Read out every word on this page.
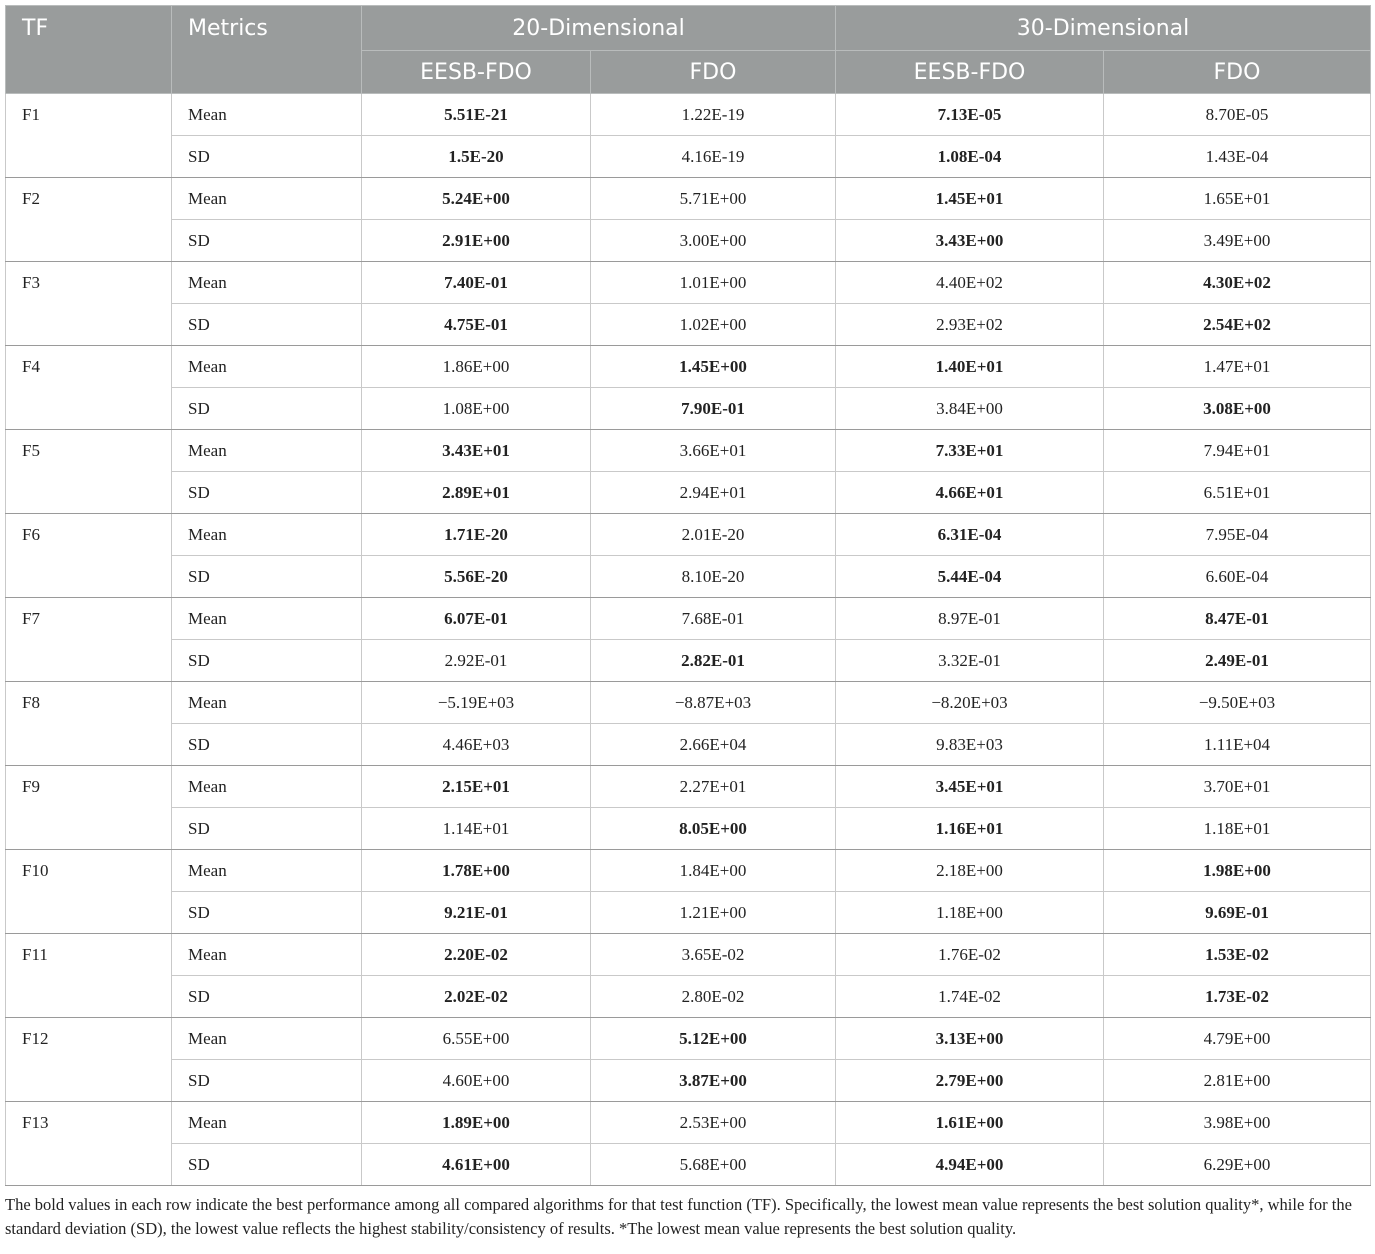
TF	Metrics	20-Dimensional		30-Dimensional	
		EESB-FDO	FDO	EESB-FDO	FDO
F1	Mean	5.51E-21	1.22E-19	7.13E-05	8.70E-05
	SD	1.5E-20	4.16E-19	1.08E-04	1.43E-04
F2	Mean	5.24E+00	5.71E+00	1.45E+01	1.65E+01
	SD	2.91E+00	3.00E+00	3.43E+00	3.49E+00
F3	Mean	7.40E-01	1.01E+00	4.40E+02	4.30E+02
	SD	4.75E-01	1.02E+00	2.93E+02	2.54E+02
F4	Mean	1.86E+00	1.45E+00	1.40E+01	1.47E+01
	SD	1.08E+00	7.90E-01	3.84E+00	3.08E+00
F5	Mean	3.43E+01	3.66E+01	7.33E+01	7.94E+01
	SD	2.89E+01	2.94E+01	4.66E+01	6.51E+01
F6	Mean	1.71E-20	2.01E-20	6.31E-04	7.95E-04
	SD	5.56E-20	8.10E-20	5.44E-04	6.60E-04
F7	Mean	6.07E-01	7.68E-01	8.97E-01	8.47E-01
	SD	2.92E-01	2.82E-01	3.32E-01	2.49E-01
F8	Mean	−5.19E+03	−8.87E+03	−8.20E+03	−9.50E+03
	SD	4.46E+03	2.66E+04	9.83E+03	1.11E+04
F9	Mean	2.15E+01	2.27E+01	3.45E+01	3.70E+01
	SD	1.14E+01	8.05E+00	1.16E+01	1.18E+01
F10	Mean	1.78E+00	1.84E+00	2.18E+00	1.98E+00
	SD	9.21E-01	1.21E+00	1.18E+00	9.69E-01
F11	Mean	2.20E-02	3.65E-02	1.76E-02	1.53E-02
	SD	2.02E-02	2.80E-02	1.74E-02	1.73E-02
F12	Mean	6.55E+00	5.12E+00	3.13E+00	4.79E+00
	SD	4.60E+00	3.87E+00	2.79E+00	2.81E+00
F13	Mean	1.89E+00	2.53E+00	1.61E+00	3.98E+00
	SD	4.61E+00	5.68E+00	4.94E+00	6.29E+00
The bold values in each row indicate the best performance among all compared algorithms for that test function (TF). Specifically, the lowest mean value represents the best solution quality*, while for the standard deviation (SD), the lowest value reflects the highest stability/consistency of results. *The lowest mean value represents the best solution quality.
